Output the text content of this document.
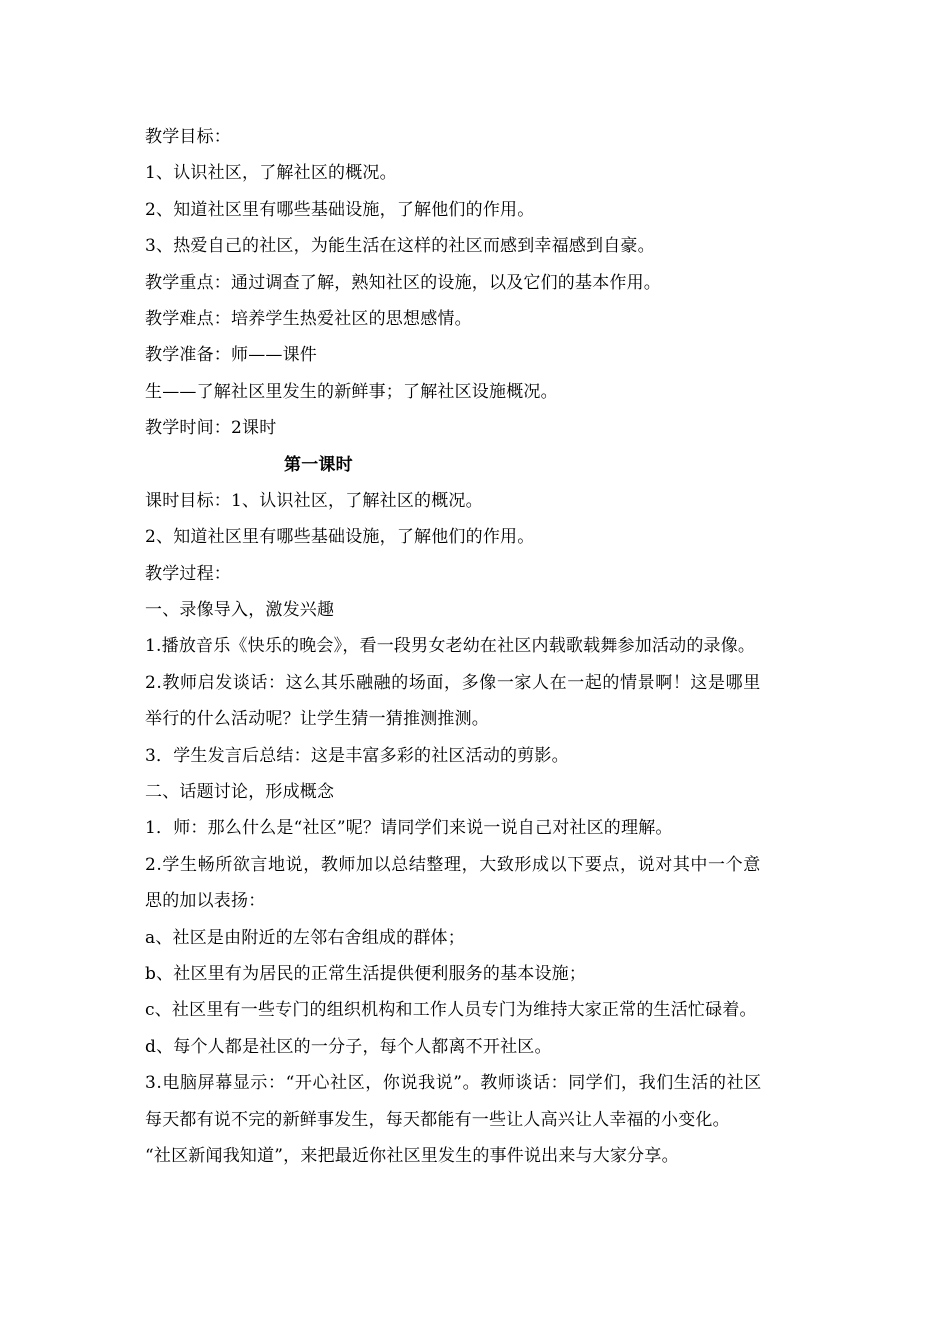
教学目标：
1、认识社区，了解社区的概况。
2、知道社区里有哪些基础设施，了解他们的作用。
3、热爱自己的社区，为能生活在这样的社区而感到幸福感到自豪。
教学重点：通过调查了解，熟知社区的设施，以及它们的基本作用。
教学难点：培养学生热爱社区的思想感情。
教学准备：师——课件
生——了解社区里发生的新鲜事；了解社区设施概况。
教学时间：2课时
第一课时
课时目标：1、认识社区，了解社区的概况。
2、知道社区里有哪些基础设施，了解他们的作用。
教学过程：
一、录像导入，激发兴趣
1.播放音乐《快乐的晚会》，看一段男女老幼在社区内载歌载舞参加活动的录像。
2.教师启发谈话：这么其乐融融的场面，多像一家人在一起的情景啊！这是哪里
举行的什么活动呢？让学生猜一猜推测推测。
3．学生发言后总结：这是丰富多彩的社区活动的剪影。
二、话题讨论，形成概念
1．师：那么什么是“社区”呢？请同学们来说一说自己对社区的理解。
2.学生畅所欲言地说，教师加以总结整理，大致形成以下要点，说对其中一个意
思的加以表扬：
a、社区是由附近的左邻右舍组成的群体；
b、社区里有为居民的正常生活提供便利服务的基本设施；
c、社区里有一些专门的组织机构和工作人员专门为维持大家正常的生活忙碌着。
d、每个人都是社区的一分子，每个人都离不开社区。
3.电脑屏幕显示：“开心社区，你说我说”。教师谈话：同学们，我们生活的社区
每天都有说不完的新鲜事发生，每天都能有一些让人高兴让人幸福的小变化。
“社区新闻我知道”，来把最近你社区里发生的事件说出来与大家分享。
